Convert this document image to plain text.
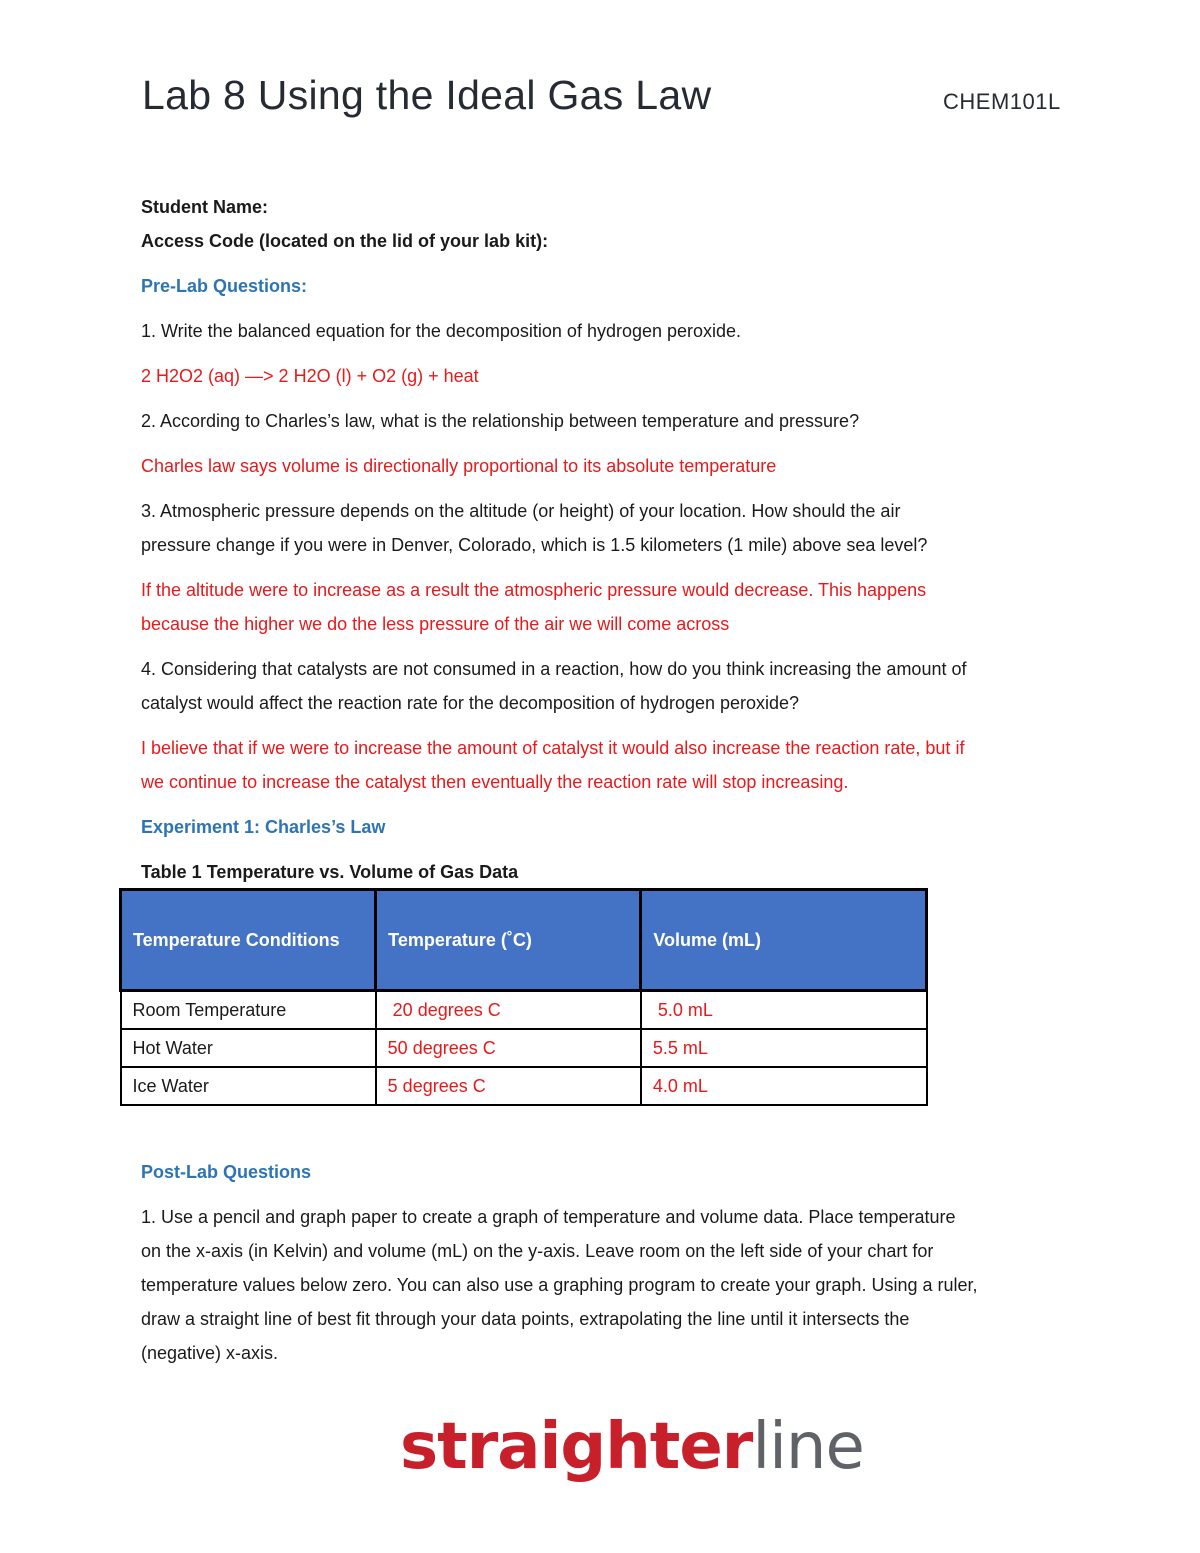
Lab 8 Using the Ideal Gas Law	CHEM101L
Student Name:
Access Code (located on the lid of your lab kit):
Pre-Lab Questions:
1. Write the balanced equation for the decomposition of hydrogen peroxide.
2 H2O2 (aq) —> 2 H2O (l) + O2 (g) + heat
2. According to Charles’s law, what is the relationship between temperature and pressure?
Charles law says volume is directionally proportional to its absolute temperature
3. Atmospheric pressure depends on the altitude (or height) of your location. How should the air
pressure change if you were in Denver, Colorado, which is 1.5 kilometers (1 mile) above sea level?
If the altitude were to increase as a result the atmospheric pressure would decrease. This happens
because the higher we do the less pressure of the air we will come across
4. Considering that catalysts are not consumed in a reaction, how do you think increasing the amount of
catalyst would affect the reaction rate for the decomposition of hydrogen peroxide?
I believe that if we were to increase the amount of catalyst it would also increase the reaction rate, but if
we continue to increase the catalyst then eventually the reaction rate will stop increasing.
Experiment 1: Charles’s Law
Table 1 Temperature vs. Volume of Gas Data
Temperature Conditions	Temperature (˚C)	Volume (mL)
Room Temperature	20 degrees C	5.0 mL
Hot Water	50 degrees C	5.5 mL
Ice Water	5 degrees C	4.0 mL
Post-Lab Questions
1. Use a pencil and graph paper to create a graph of temperature and volume data. Place temperature
on the x-axis (in Kelvin) and volume (mL) on the y-axis. Leave room on the left side of your chart for
temperature values below zero. You can also use a graphing program to create your graph. Using a ruler,
draw a straight line of best fit through your data points, extrapolating the line until it intersects the
(negative) x-axis.
straighterline
